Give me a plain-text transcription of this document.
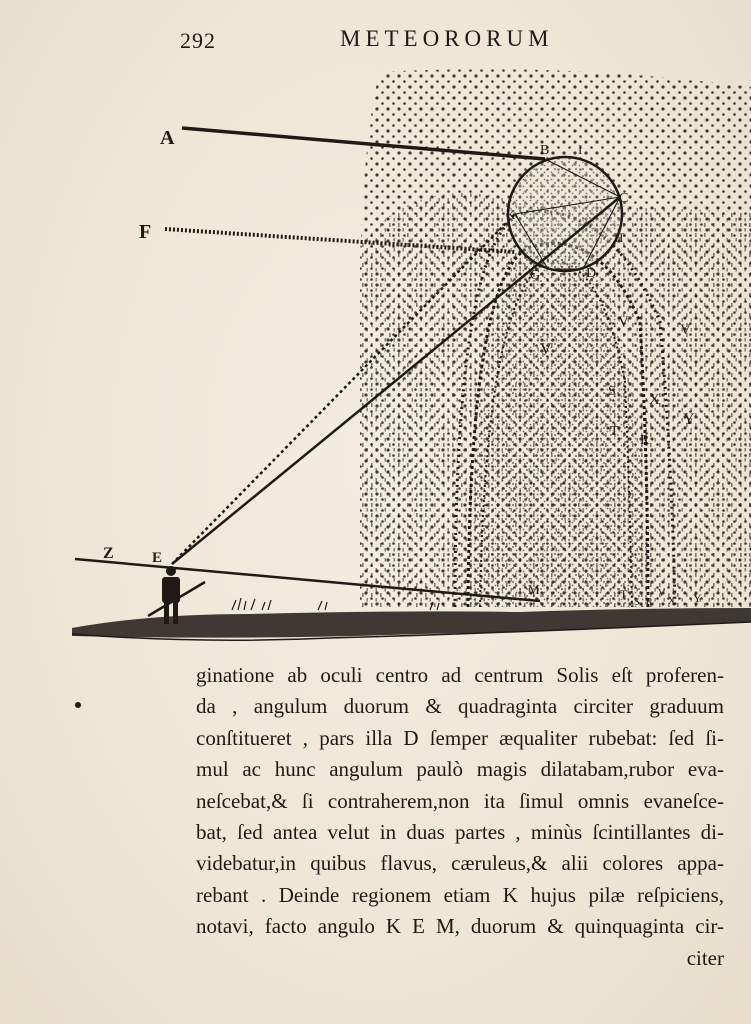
292	METEORORUM
A
F
B I
C
K
H
G	D
V	V
V
S
X
Y
T
R
Z	E
M	T
S R
V
X Y
ginatione ab oculi centro ad centrum Solis eſt proferen-
da , angulum duorum & quadraginta circiter graduum
conſtitueret , pars illa D ſemper æqualiter rubebat: ſed ſi-
mul ac hunc angulum paulò magis dilatabam,rubor eva-
neſcebat,& ſi contraherem,non ita ſimul omnis evaneſce-
bat, ſed antea velut in duas partes , minùs ſcintillantes di-
videbatur,in quibus flavus, cæruleus,& alii colores appa-
rebant . Deinde regionem etiam K hujus pilæ reſpiciens,
notavi, facto angulo K E M, duorum & quinquaginta cir-
citer
